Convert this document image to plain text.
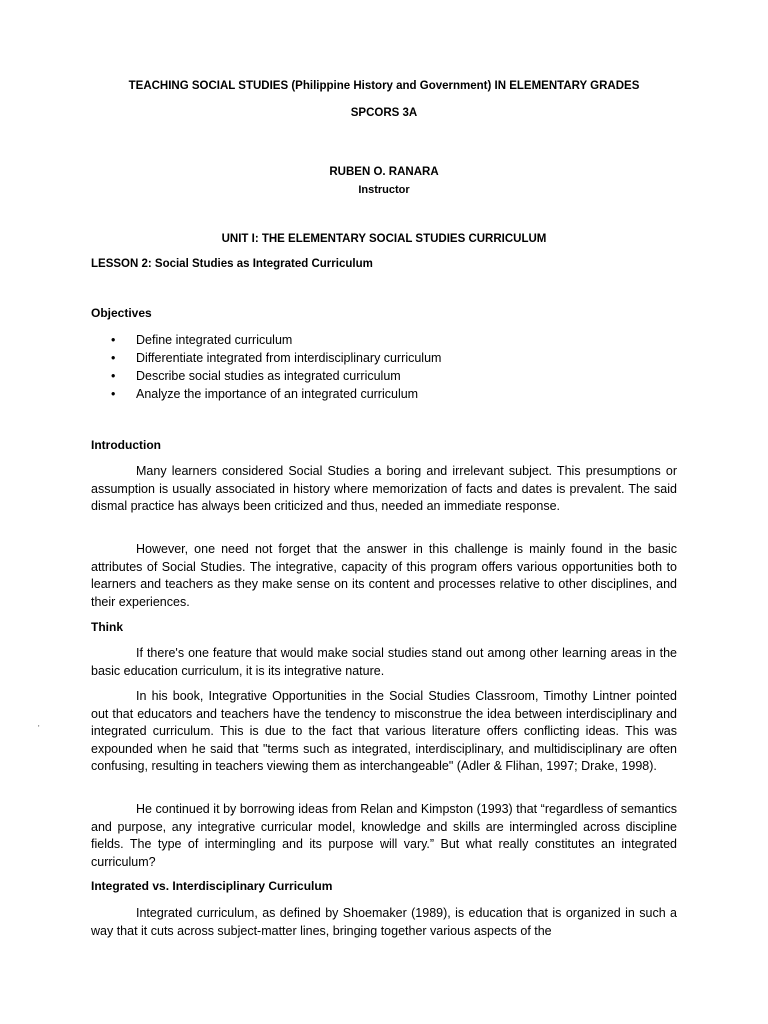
TEACHING SOCIAL STUDIES (Philippine History and Government) IN ELEMENTARY GRADES
SPCORS 3A
RUBEN O. RANARA
Instructor
UNIT I: THE ELEMENTARY SOCIAL STUDIES CURRICULUM
LESSON 2: Social Studies as Integrated Curriculum
Objectives
• Define integrated curriculum
• Differentiate integrated from interdisciplinary curriculum
• Describe social studies as integrated curriculum
• Analyze the importance of an integrated curriculum
Introduction

Many learners considered Social Studies a boring and irrelevant subject. This presumptions or assumption is usually associated in history where memorization of facts and dates is prevalent. The said dismal practice has always been criticized and thus, needed an immediate response.

However, one need not forget that the answer in this challenge is mainly found in the basic attributes of Social Studies. The integrative, capacity of this program offers various opportunities both to learners and teachers as they make sense on its content and processes relative to other disciplines, and their experiences.

Think

If there's one feature that would make social studies stand out among other learning areas in the basic education curriculum, it is its integrative nature.

In his book, Integrative Opportunities in the Social Studies Classroom, Timothy Lintner pointed out that educators and teachers have the tendency to misconstrue the idea between interdisciplinary and integrated curriculum. This is due to the fact that various literature offers conflicting ideas. This was expounded when he said that "terms such as integrated, interdisciplinary, and multidisciplinary are often confusing, resulting in teachers viewing them as interchangeable" (Adler & Flihan, 1997; Drake, 1998).

He continued it by borrowing ideas from Relan and Kimpston (1993) that “regardless of semantics and purpose, any integrative curricular model, knowledge and skills are intermingled across discipline fields. The type of intermingling and its purpose will vary.” But what really constitutes an integrated curriculum?

Integrated vs. Interdisciplinary Curriculum

Integrated curriculum, as defined by Shoemaker (1989), is education that is organized in such a way that it cuts across subject-matter lines, bringing together various aspects of the

'
